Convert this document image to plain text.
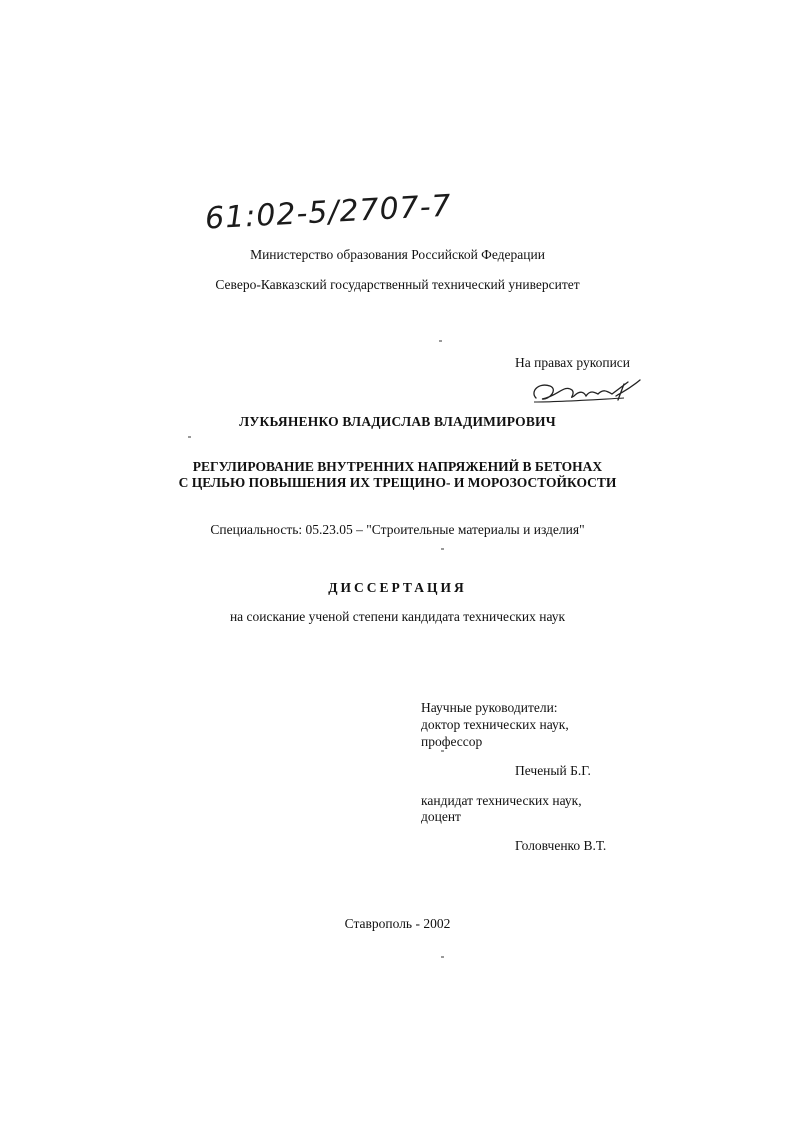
61:02-5/2707-7
Министерство образования Российской Федерации
Северо-Кавказский государственный технический университет
На правах рукописи
ЛУКЬЯНЕНКО ВЛАДИСЛАВ ВЛАДИМИРОВИЧ
РЕГУЛИРОВАНИЕ ВНУТРЕННИХ НАПРЯЖЕНИЙ В БЕТОНАХ
С ЦЕЛЬЮ ПОВЫШЕНИЯ ИХ ТРЕЩИНО- И МОРОЗОСТОЙКОСТИ
Специальность: 05.23.05 – "Строительные материалы и изделия"
ДИССЕРТАЦИЯ
на соискание ученой степени кандидата технических наук
Научные руководители:
доктор технических наук,
профессор
Печеный Б.Г.
кандидат технических наук,
доцент
Головченко В.Т.
Ставрополь - 2002
